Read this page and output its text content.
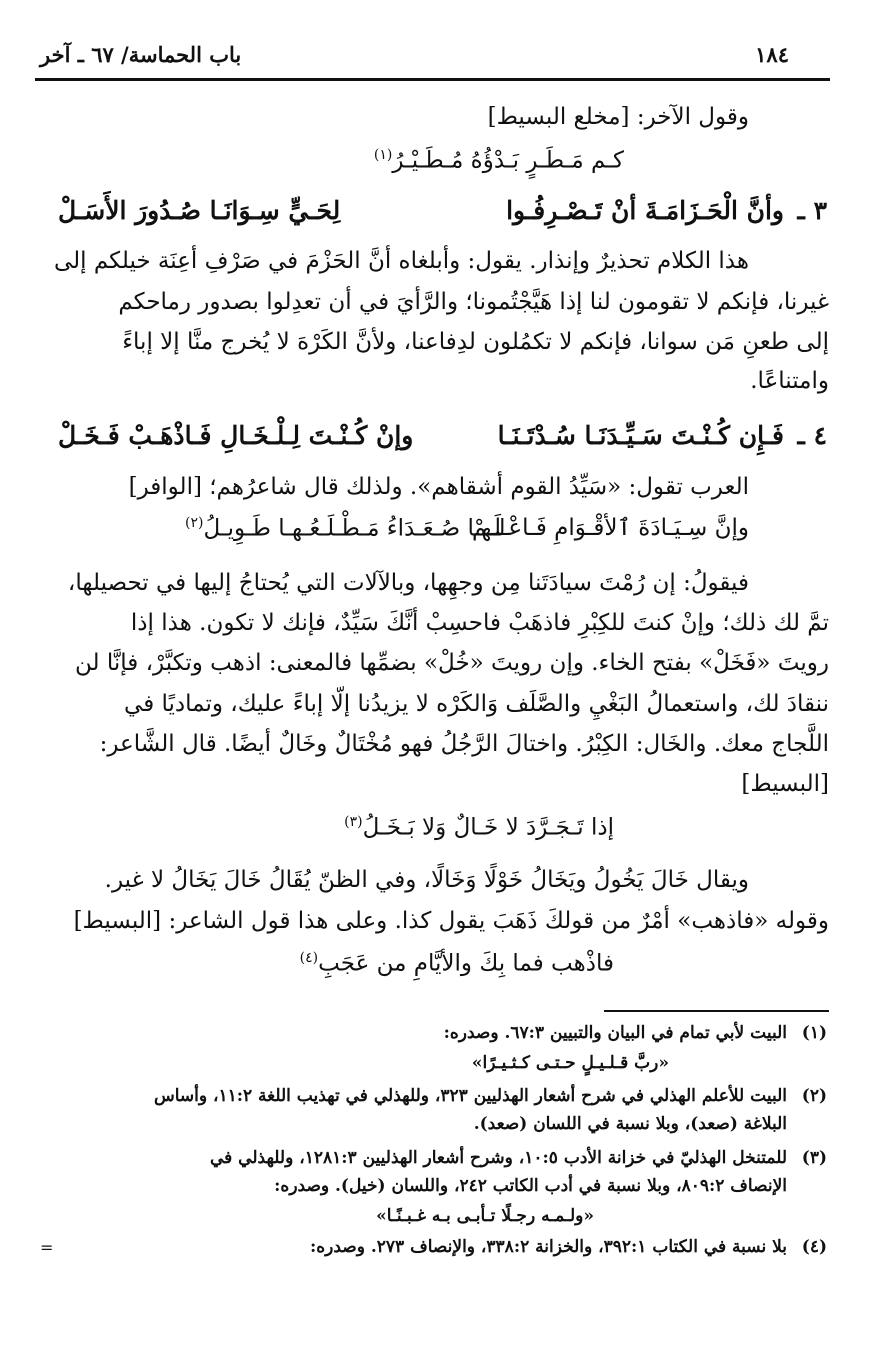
١٨٤
باب الحماسة/ ٦٧ ـ آخر
وقول الآخر: [مخلع البسيط]
كـم مَـطَـرٍ بَـدْؤُهُ مُـطَـيْـرُ$^{(١)}$
٣ ـ
وأنَّ الْحَـزَامَـةَ أنْ تَـصْـرِفُـوا
لِحَـيٍّ سِـوَانَـا صُـدُورَ الأَسَـلْ
هذا الكلام تحذيرٌ وإنذار. يقول: وأبلغاه أنَّ الحَزْمَ في صَرْفِ أعِنَة خيلكم إلى
غيرنا، فإنكم لا تقومون لنا إذا هَيَّجْتُمونا؛ والرَّأيَ في أن تعدِلوا بصدور رماحكم
إلى طعنِ مَن سوانا، فإنكم لا تكمُلون لدِفاعنا، ولأنَّ الكَرْهَ لا يُخرج منَّا إلا إباءً
وامتناعًا.
٤ ـ
فَـإِن كُـنْـتَ سَـيِّـدَنَـا سُـدْتَـنَـا
وإنْ كُـنْـتَ لِـلْـخَـالِ فَـاذْهَـبْ فَـخَـلْ
العرب تقول: «سَيِّدُ القوم أشقاهم». ولذلك قال شاعرُهم؛ [الوافر]
وإنَّ سِـيَـادَةَ ٱلأقْـوَامِ فَـاعْـلَـمْ
لـهـا صُـعَـدَاءُ مَـطْـلَـعُـهـا طَـوِيـلُ$^{(٢)}$
فيقولُ: إن رُمْتَ سيادَتَنا مِن وجهِها، وبالآلات التي يُحتاجُ إليها في تحصيلها،
تمَّ لك ذلك؛ وإنْ كنتَ للكِبْرِ فاذهَبْ فاحسِبْ أنَّكَ سَيِّدٌ، فإنك لا تكون. هذا إذا
رويتَ «فَخَلْ» بفتح الخاء. وإن رويتَ «خُلْ» بضمِّها فالمعنى: اذهب وتكبَّرْ، فإنَّا لن
ننقادَ لك، واستعمالُ البَغْيِ والصَّلَف وَالكَرْه لا يزيدُنا إلّا إباءً عليك، وتماديًا في
اللَّجاج معك. والخَال: الكِبْرُ. واختالَ الرَّجُلُ فهو مُخْتَالٌ وخَالٌ أيضًا. قال الشَّاعر:
[البسيط]
إذا تَـجَـرَّدَ لا خَـالٌ وَلا بَـخَـلُ$^{(٣)}$
ويقال خَالَ يَخُولُ ويَخَالُ خَوْلًا وَخَالًا، وفي الظنّ يُقَالُ خَالَ يَخَالُ لا غير.
وقوله «فاذهب» أمْرٌ من قولكَ ذَهَبَ يقول كذا. وعلى هذا قول الشاعر: [البسيط]
فاذْهب فما بِكَ والأيَّامِ من عَجَبِ$^{(٤)}$
(١)
البيت لأبي تمام في البيان والتبيين ٦٧:٣. وصدره:
«ربَّ قـلـيـلٍ حـتـى كـثـيـرًا»
(٢)
البيت للأعلم الهذلي في شرح أشعار الهذليين ٣٢٣، وللهذلي في تهذيب اللغة ١١:٢، وأساس
البلاغة (صعد)، وبلا نسبة في اللسان (صعد).
(٣)
للمتنخل الهذليّ في خزانة الأدب ١٠:٥، وشرح أشعار الهذليين ١٢٨١:٣، وللهذلي في
الإنصاف ٨٠٩:٢، وبلا نسبة في أدب الكاتب ٢٤٢، واللسان (خيل). وصدره:
«ولـمـه رجـلًا تـأبـى بـه غـبـنًـا»
(٤)
بلا نسبة في الكتاب ٣٩٢:١، والخزانة ٣٣٨:٢، والإنصاف ٢٧٣. وصدره:
=
